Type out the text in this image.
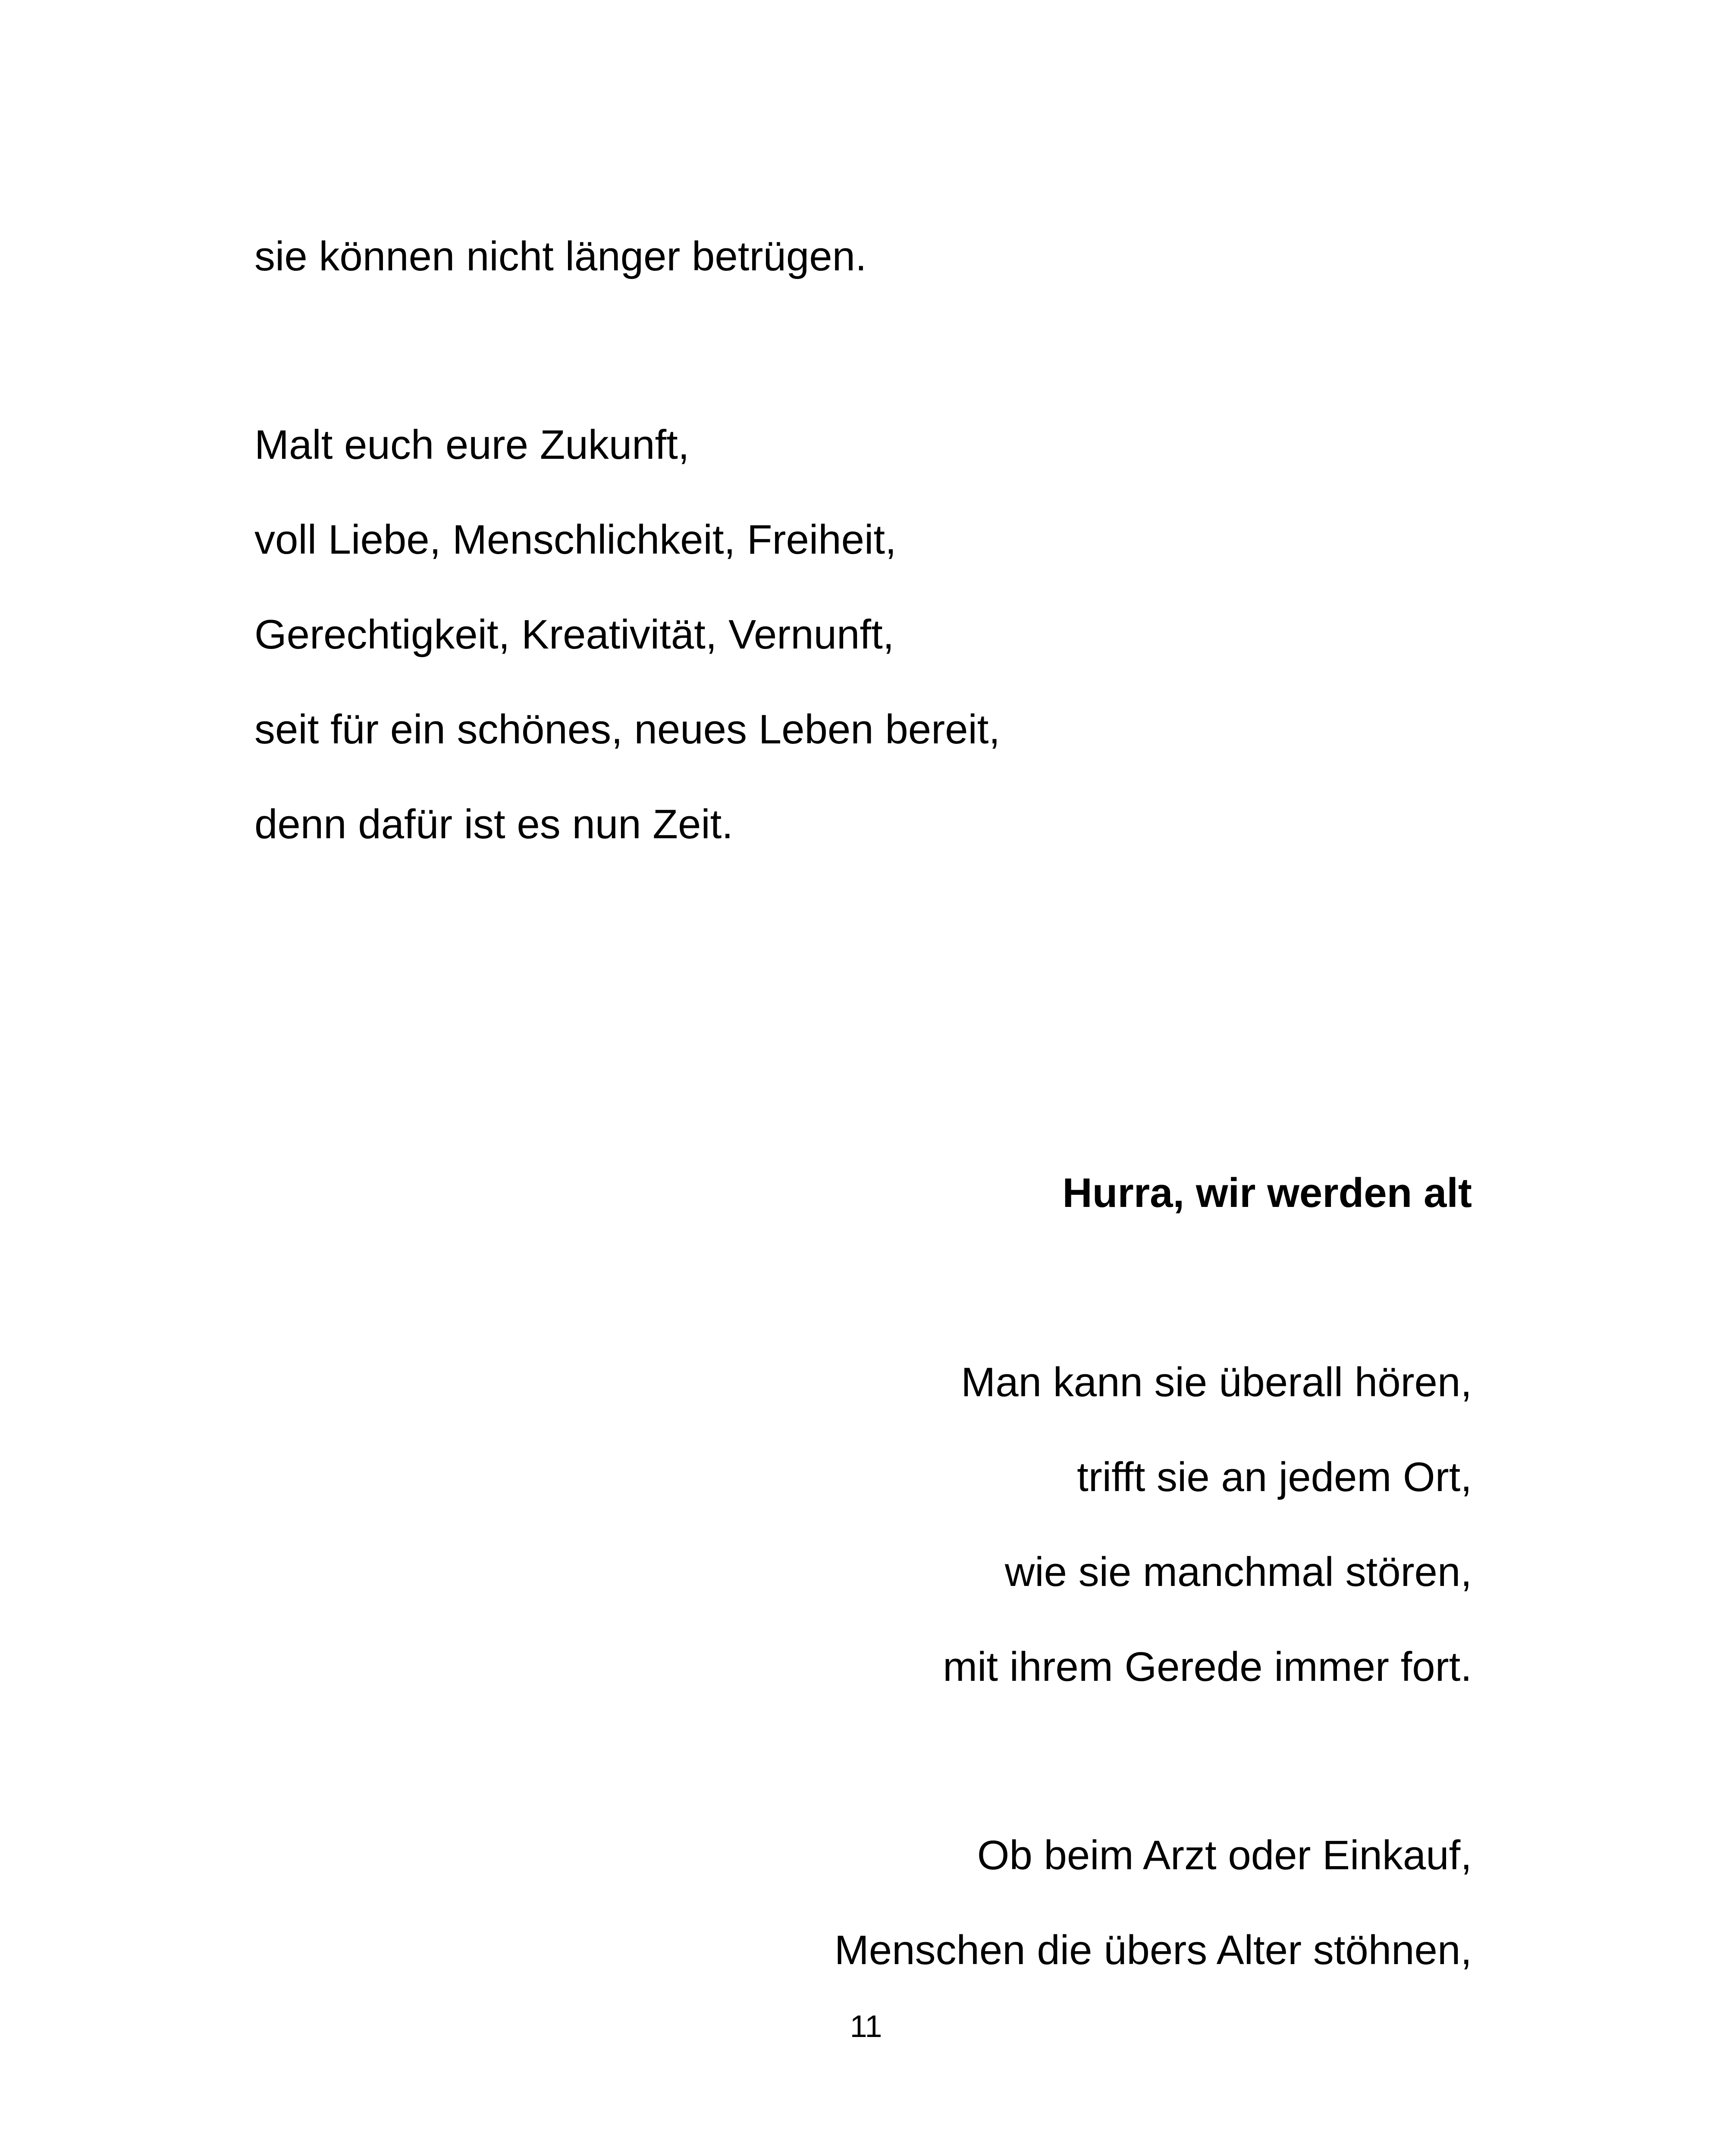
sie können nicht länger betrügen.
Malt euch eure Zukunft,
voll Liebe, Menschlichkeit, Freiheit,
Gerechtigkeit, Kreativität, Vernunft,
seit für ein schönes, neues Leben bereit,
denn dafür ist es nun Zeit.
Hurra, wir werden alt
Man kann sie überall hören,
trifft sie an jedem Ort,
wie sie manchmal stören,
mit ihrem Gerede immer fort.
Ob beim Arzt oder Einkauf,
Menschen die übers Alter stöhnen,
11
